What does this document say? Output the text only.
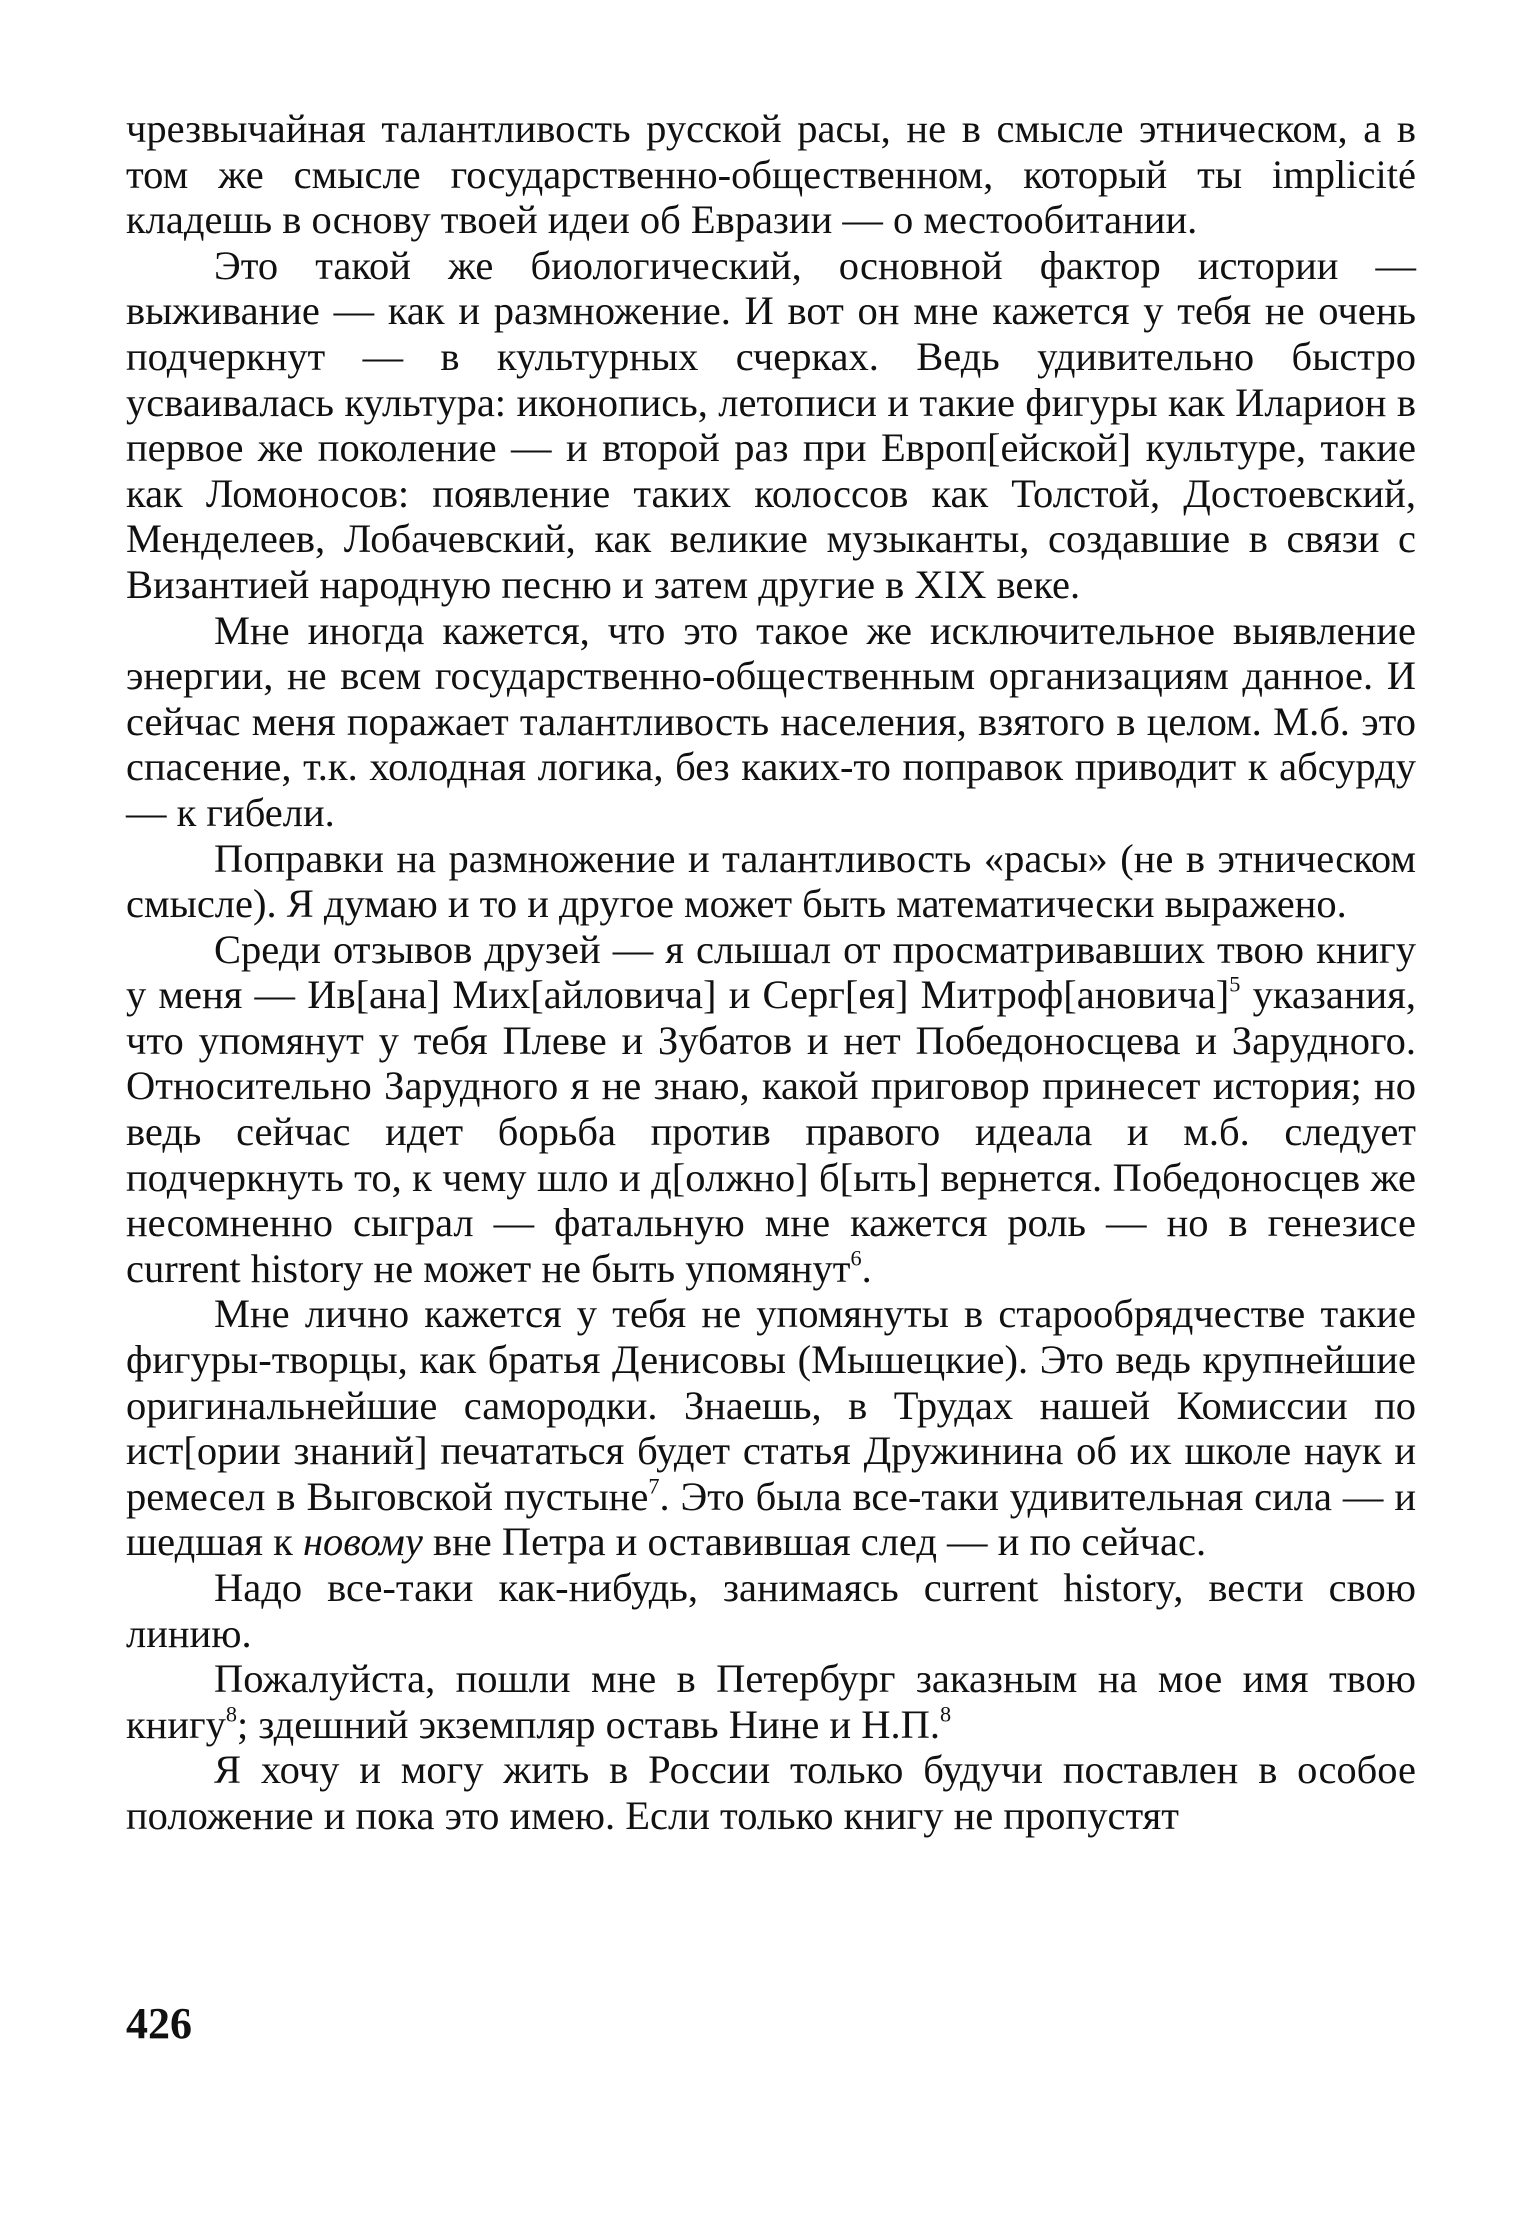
чрезвычайная талантливость русской расы, не в смысле этническом, а в том же смысле государственно-общественном, который ты implicité кладешь в основу твоей идеи об Евразии — о местообитании.

Это такой же биологический, основной фактор истории — выживание — как и размножение. И вот он мне кажется у тебя не очень подчеркнут — в культурных счерках. Ведь удивительно быстро усваивалась культура: иконопись, летописи и такие фигуры как Иларион в первое же поколение — и второй раз при Европ[ейской] культуре, такие как Ломоносов: появление таких колоссов как Толстой, Достоевский, Менделеев, Лобачевский, как великие музыканты, создавшие в связи с Византией народную песню и затем другие в XIX веке.

Мне иногда кажется, что это такое же исключительное выявление энергии, не всем государственно-общественным организациям данное. И сейчас меня поражает талантливость населения, взятого в целом. М.б. это спасение, т.к. холодная логика, без каких-то поправок приводит к абсурду — к гибели.

Поправки на размножение и талантливость «расы» (не в этническом смысле). Я думаю и то и другое может быть математически выражено.

Среди отзывов друзей — я слышал от просматривавших твою книгу у меня — Ив[ана] Мих[айловича] и Серг[ея] Митроф[ановича]$^5$ указания, что упомянут у тебя Плеве и Зубатов и нет Победоносцева и Зарудного. Относительно Зарудного я не знаю, какой приговор принесет история; но ведь сейчас идет борьба против правого идеала и м.б. следует подчеркнуть то, к чему шло и д[олжно] б[ыть] вернется. Победоносцев же несомненно сыграл — фатальную мне кажется роль — но в генезисе current history не может не быть упомянут$^6$.

Мне лично кажется у тебя не упомянуты в старообрядчестве такие фигуры-творцы, как братья Денисовы (Мышецкие). Это ведь крупнейшие оригинальнейшие самородки. Знаешь, в Трудах нашей Комиссии по ист[ории знаний] печататься будет статья Дружинина об их школе наук и ремесел в Выговской пустыне$^7$. Это была все-таки удивительная сила — и шедшая к новому вне Петра и оставившая след — и по сейчас.

Надо все-таки как-нибудь, занимаясь current history, вести свою линию.

Пожалуйста, пошли мне в Петербург заказным на мое имя твою книгу$^8$; здешний экземпляр оставь Нине и Н.П.$^8$

Я хочу и могу жить в России только будучи поставлен в особое положение и пока это имею. Если только книгу не пропустят

426
